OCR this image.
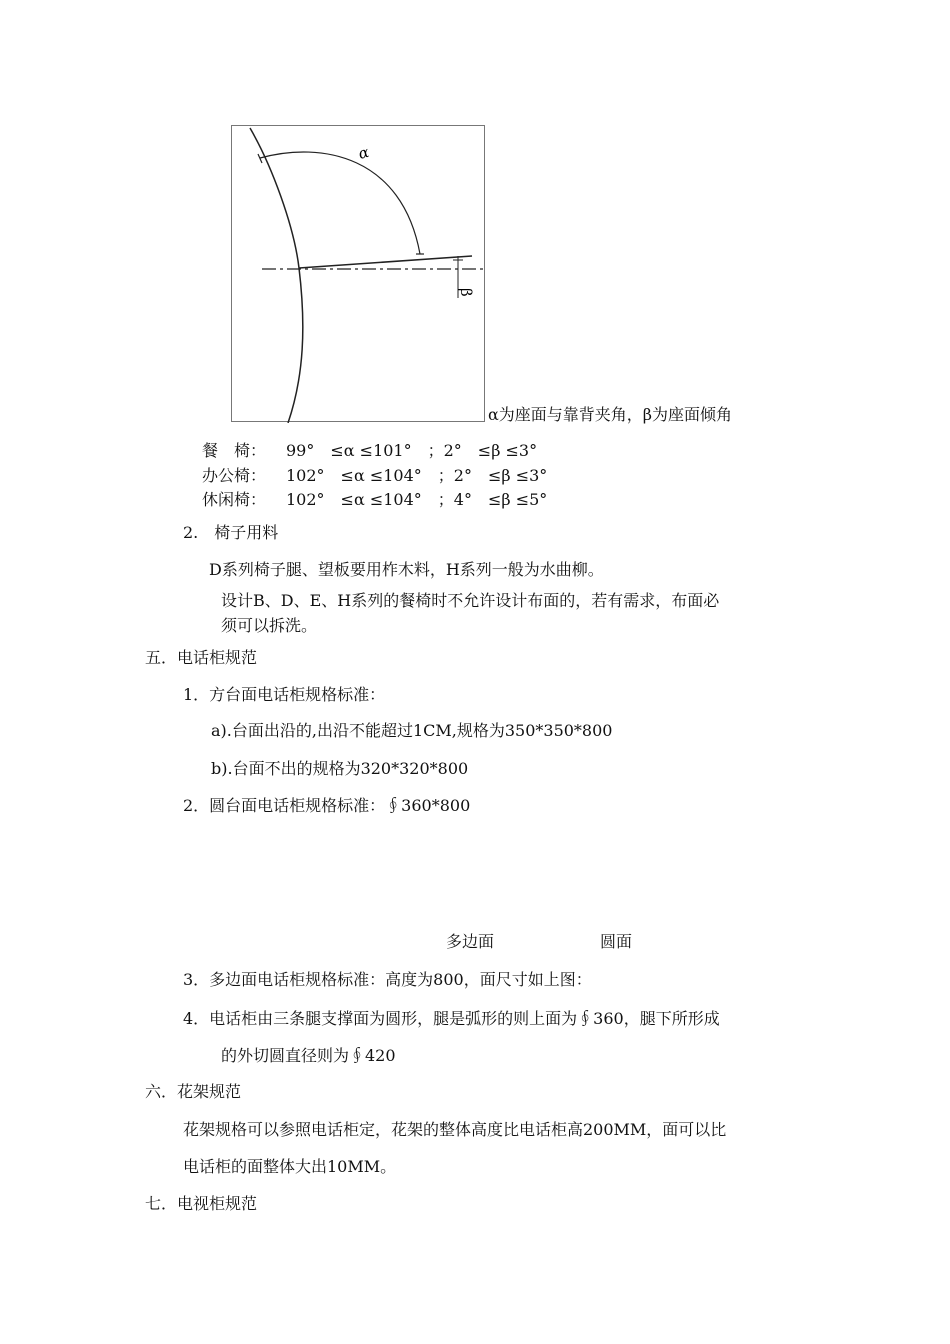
α
β
α为座面与靠背夹角，β为座面倾角
餐　椅： 99°　≤α ≤101°　；2°　≤β ≤3°
办公椅： 102°　≤α ≤104°　；2°　≤β ≤3°
休闲椅： 102°　≤α ≤104°　；4°　≤β ≤5°
2.　椅子用料
D系列椅子腿、望板要用柞木料，H系列一般为水曲柳。
设计B、D、E、H系列的餐椅时不允许设计布面的，若有需求，布面必
须可以拆洗。
五．电话柜规范
1．方台面电话柜规格标准：
a).台面出沿的,出沿不能超过1CM,规格为350*350*800
b).台面不出的规格为320*320*800
2．圆台面电话柜规格标准：∮360*800
多边面	圆面
3．多边面电话柜规格标准：高度为800，面尺寸如上图：
4．电话柜由三条腿支撑面为圆形，腿是弧形的则上面为∮360，腿下所形成
的外切圆直径则为∮420
六．花架规范
花架规格可以参照电话柜定，花架的整体高度比电话柜高200MM，面可以比
电话柜的面整体大出10MM。
七．电视柜规范
